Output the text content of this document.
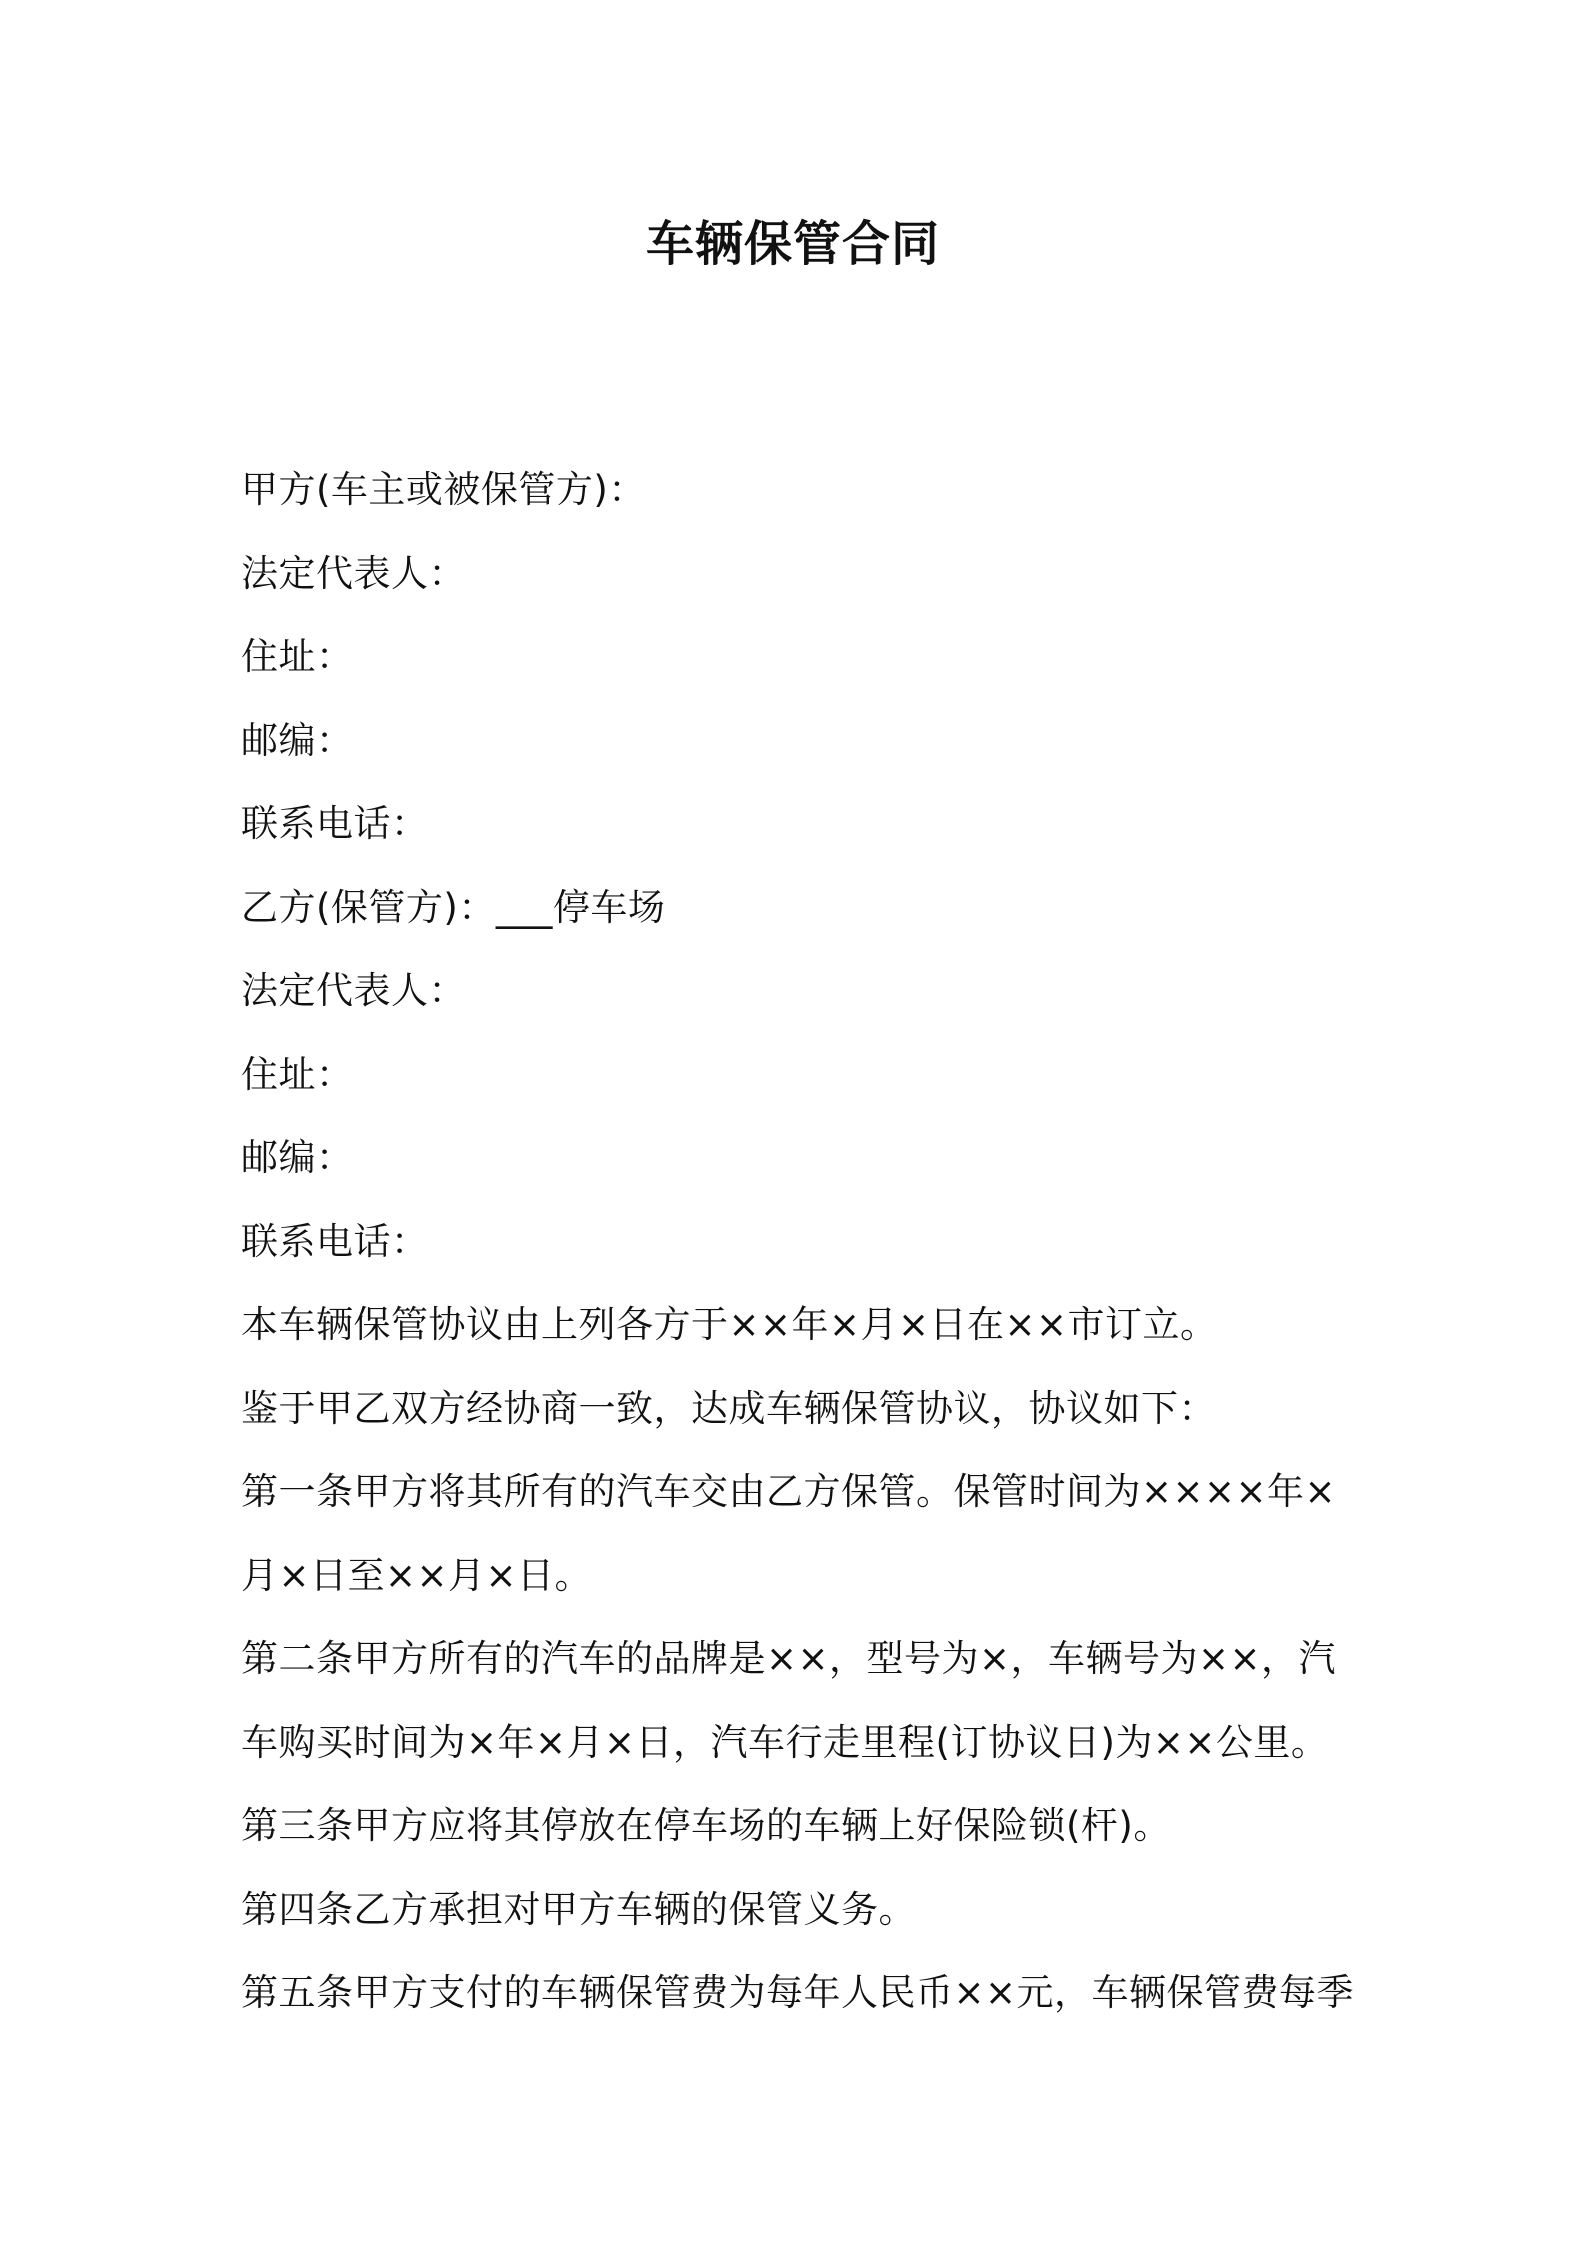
车辆保管合同

甲方(车主或被保管方)：

法定代表人：

住址：

邮编：

联系电话：

乙方(保管方)：___停车场

法定代表人：

住址：

邮编：

联系电话：

本车辆保管协议由上列各方于××年×月×日在××市订立。

鉴于甲乙双方经协商一致，达成车辆保管协议，协议如下：

第一条甲方将其所有的汽车交由乙方保管。保管时间为××××年×

月×日至××月×日。

第二条甲方所有的汽车的品牌是××，型号为×，车辆号为××，汽

车购买时间为×年×月×日，汽车行走里程(订协议日)为××公里。

第三条甲方应将其停放在停车场的车辆上好保险锁(杆)。

第四条乙方承担对甲方车辆的保管义务。

第五条甲方支付的车辆保管费为每年人民币××元，车辆保管费每季
